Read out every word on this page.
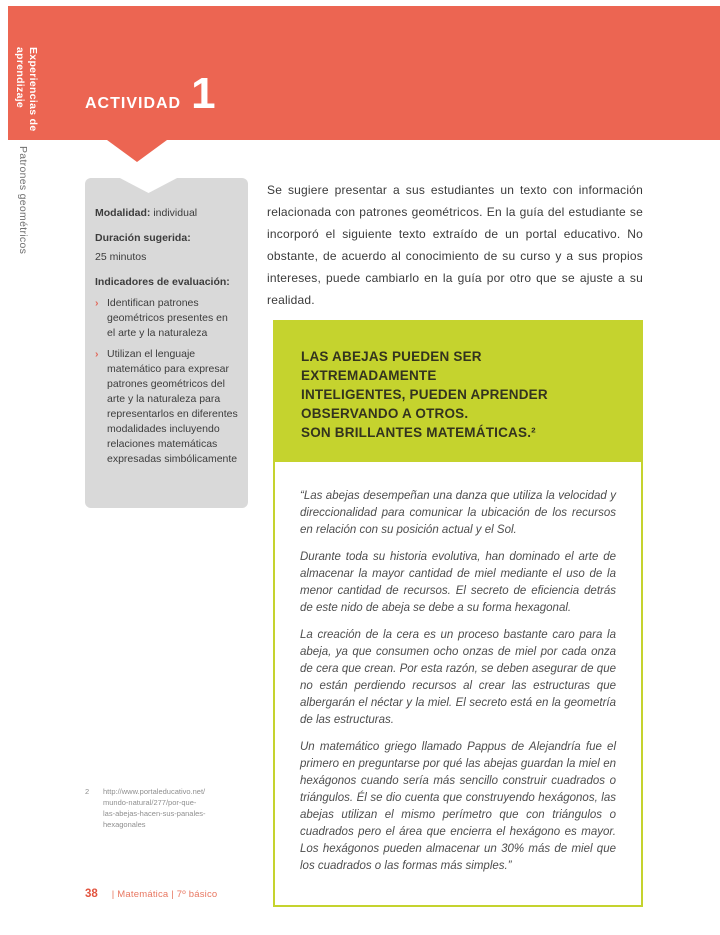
ACTIVIDAD 1
Experiencias de aprendizaje
Patrones geométricos	Modalidad: individual
Duración sugerida:
25 minutos
Indicadores de evaluación:
› Identifican patrones geométricos presentes en el arte y la naturaleza
› Utilizan el lenguaje matemático para expresar patrones geométricos del arte y la naturaleza para representarlos en diferentes modalidades incluyendo relaciones matemáticas expresadas simbólicamente

Se sugiere presentar a sus estudiantes un texto con información relacionada con patrones geométricos. En la guía del estudiante se incorporó el siguiente texto extraído de un portal educativo. No obstante, de acuerdo al conocimiento de su curso y a sus propios intereses, puede cambiarlo en la guía por otro que se ajuste a su realidad.

LAS ABEJAS PUEDEN SER EXTREMADAMENTE
INTELIGENTES, PUEDEN APRENDER
OBSERVANDO A OTROS.
SON BRILLANTES MATEMÁTICAS.²

“Las abejas desempeñan una danza que utiliza la velocidad y direccionalidad para comunicar la ubicación de los recursos en relación con su posición actual y el Sol.

Durante toda su historia evolutiva, han dominado el arte de almacenar la mayor cantidad de miel mediante el uso de la menor cantidad de recursos. El secreto de eficiencia detrás de este nido de abeja se debe a su forma hexagonal.

La creación de la cera es un proceso bastante caro para la abeja, ya que consumen ocho onzas de miel por cada onza de cera que crean. Por esta razón, se deben asegurar de que no están perdiendo recursos al crear las estructuras que albergarán el néctar y la miel. El secreto está en la geometría de las estructuras.

Un matemático griego llamado Pappus de Alejandría fue el primero en preguntarse por qué las abejas guardan la miel en hexágonos cuando sería más sencillo construir cuadrados o triángulos. Él se dio cuenta que construyendo hexágonos, las abejas utilizan el mismo perímetro que con triángulos o cuadrados pero el área que encierra el hexágono es mayor. Los hexágonos pueden almacenar un 30% más de miel que los cuadrados o las formas más simples.”

2 http://www.portaleducativo.net/
mundo-natural/277/por-que-
las-abejas-hacen-sus-panales-
hexagonales
38 | Matemática | 7º básico
